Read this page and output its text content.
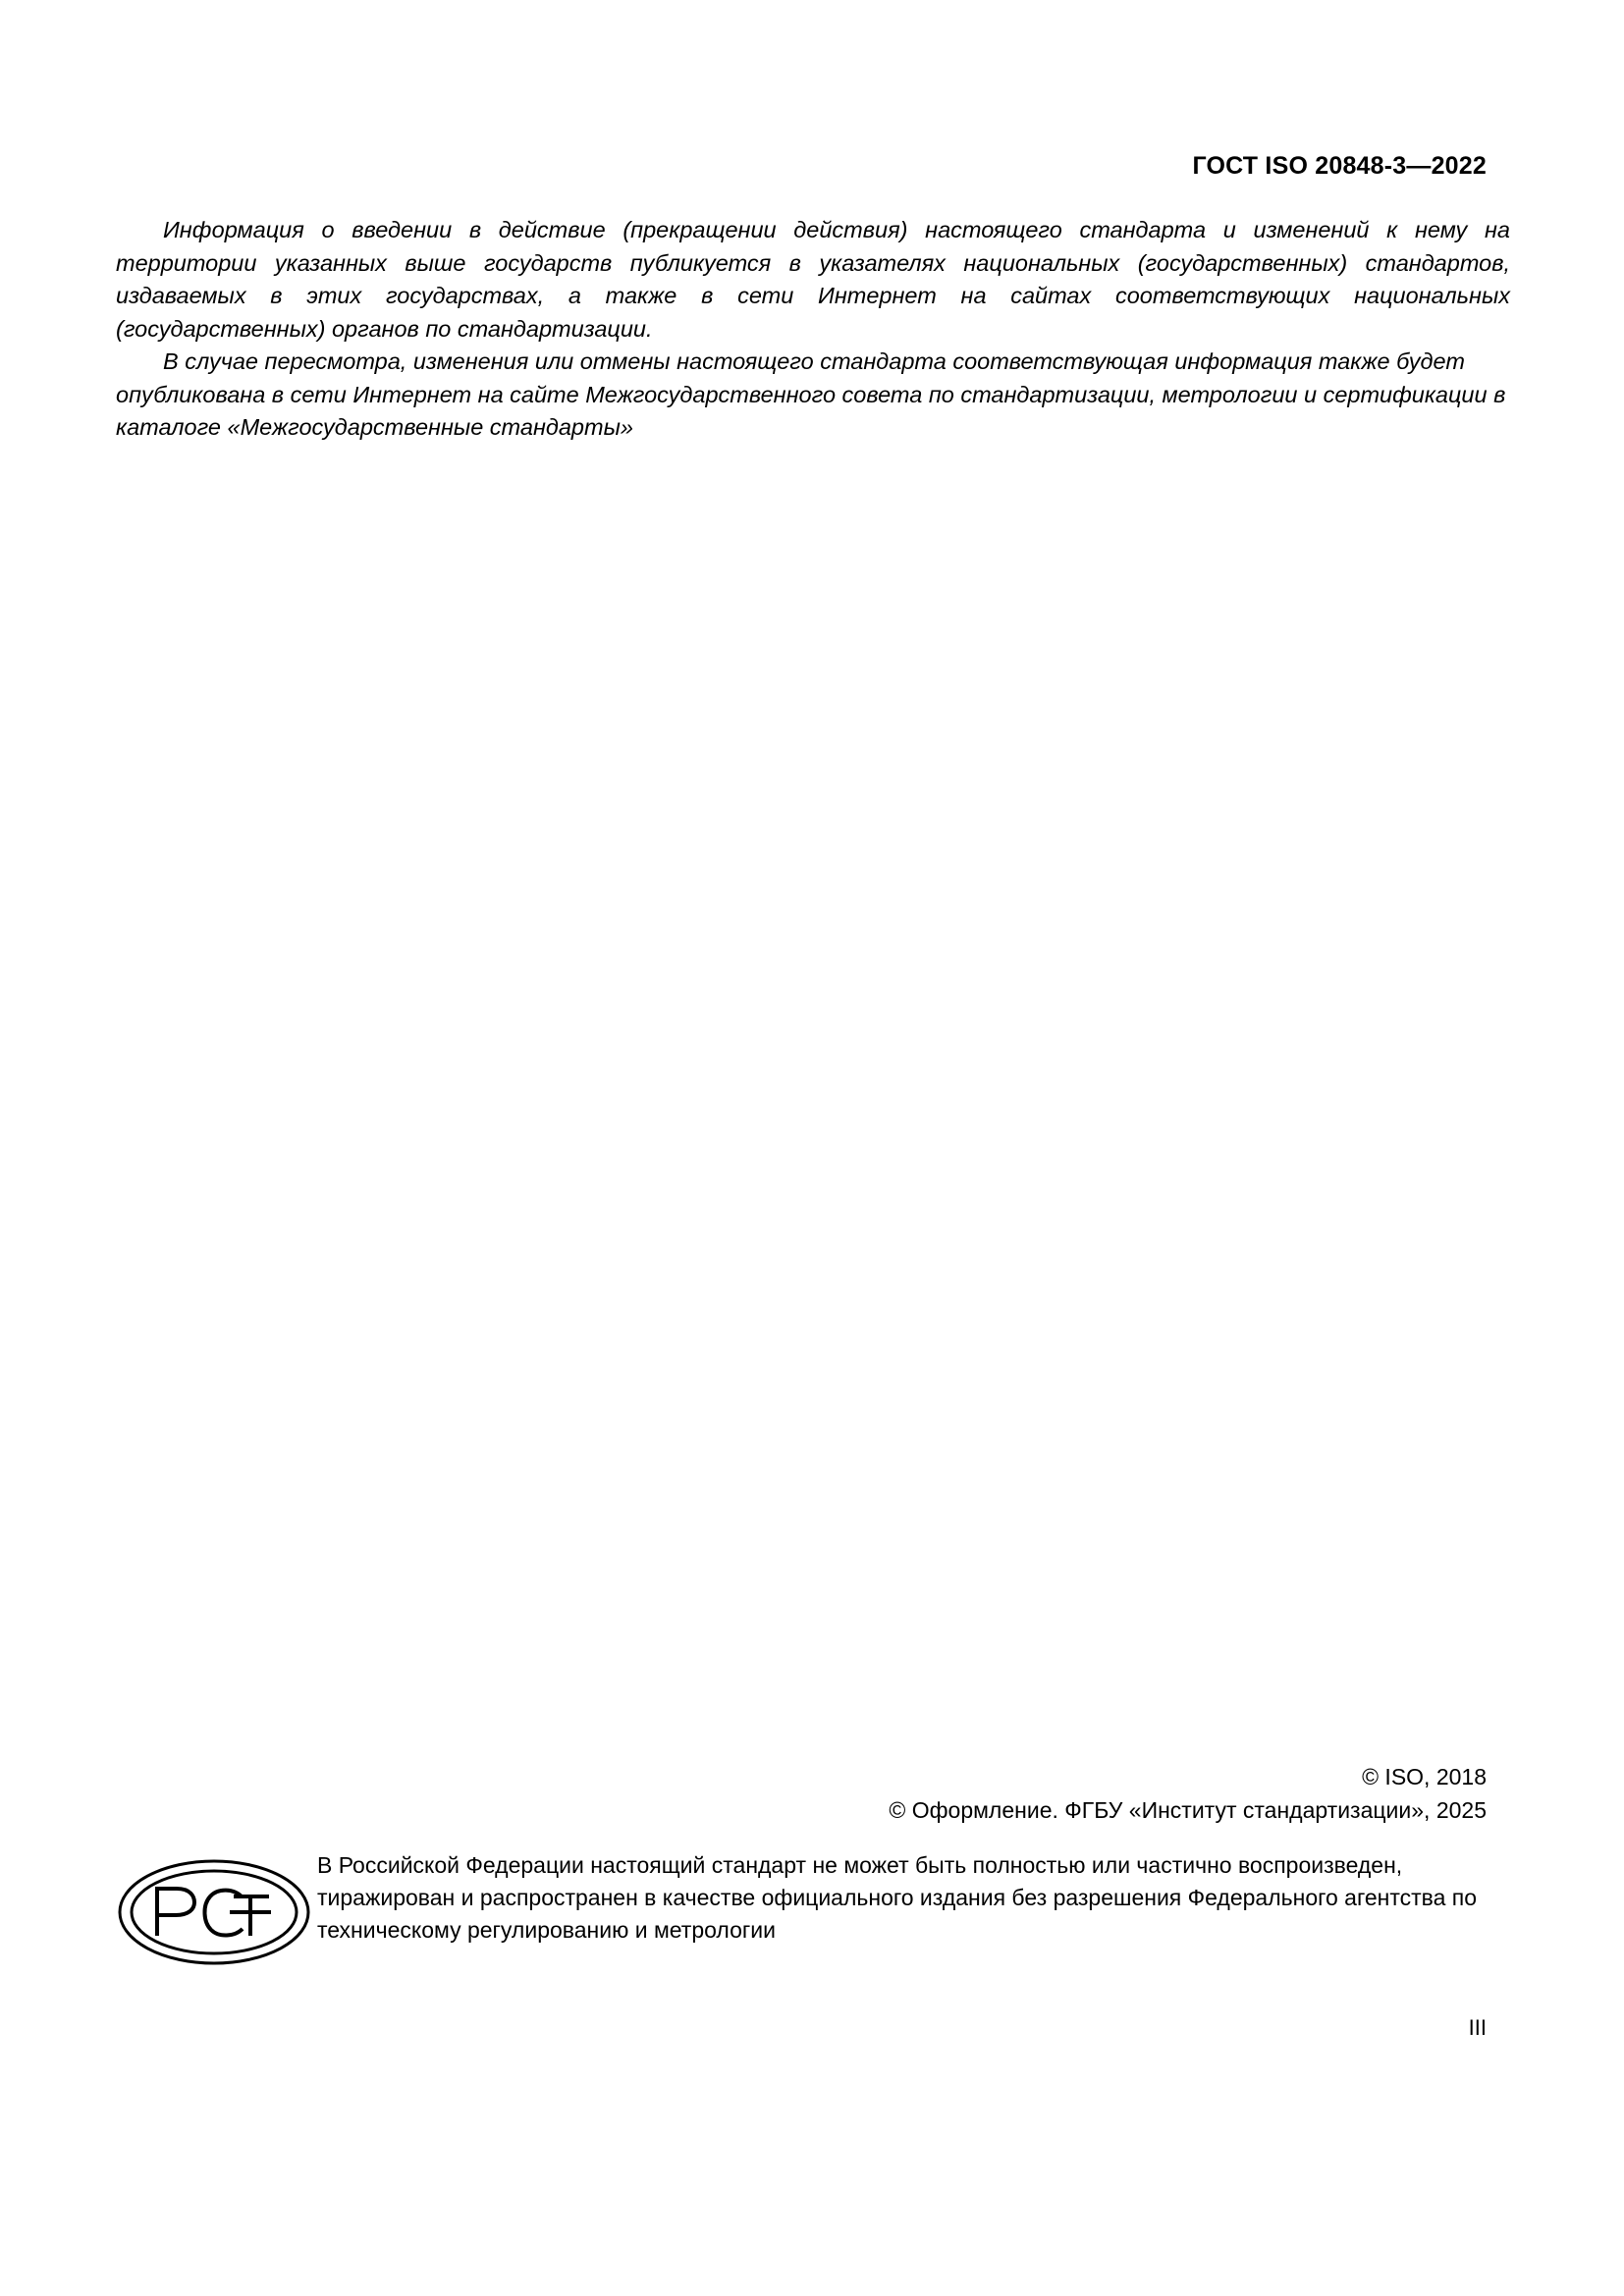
ГОСТ ISO 20848-3—2022

Информация о введении в действие (прекращении действия) настоящего стандарта и изменений к нему на территории указанных выше государств публикуется в указателях национальных (государственных) стандартов, издаваемых в этих государствах, а также в сети Интернет на сайтах соответствующих национальных (государственных) органов по стандартизации.

В случае пересмотра, изменения или отмены настоящего стандарта соответствующая информация также будет опубликована в сети Интернет на сайте Межгосударственного совета по стандартизации, метрологии и сертификации в каталоге «Межгосударственные стандарты»

© ISO, 2018
© Оформление. ФГБУ «Институт стандартизации», 2025

В Российской Федерации настоящий стандарт не может быть полностью или частично воспроизведен, тиражирован и распространен в качестве официального издания без разрешения Федерального агентства по техническому регулированию и метрологии

III
